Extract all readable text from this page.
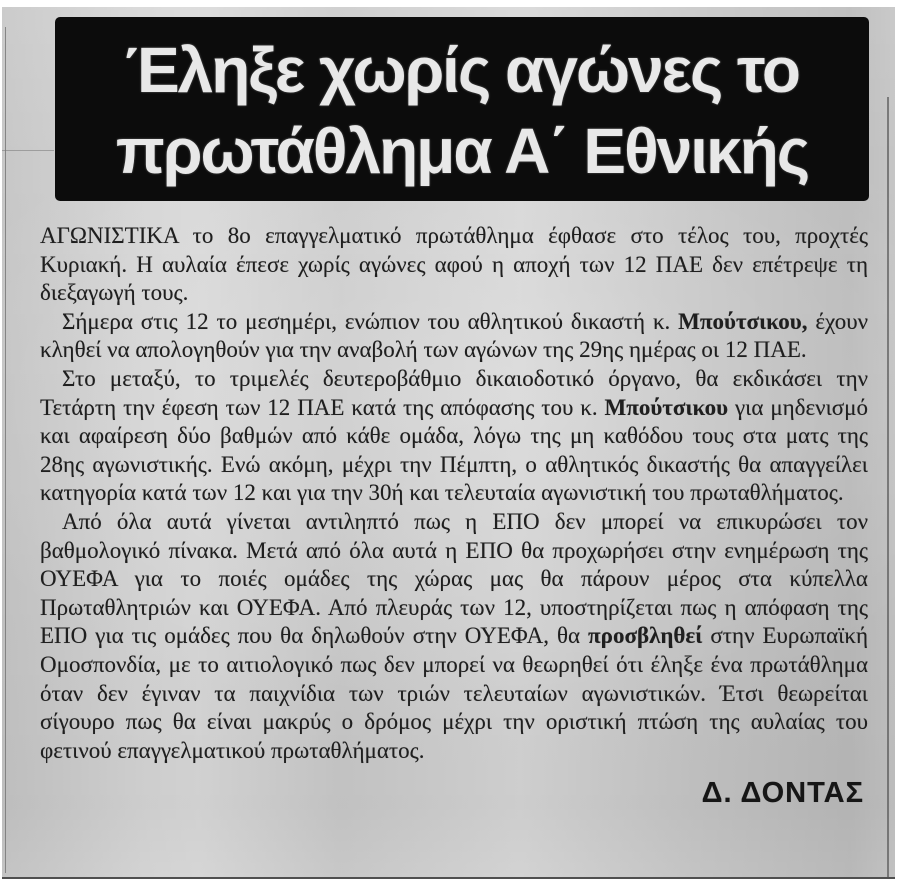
Έληξε χωρίς αγώνες το
πρωτάθλημα Α΄ Εθνικής

ΑΓΩΝΙΣΤΙΚΑ το 8ο επαγγελματικό πρωτάθλημα έφθασε στο τέλος του, προχτές Κυριακή. Η αυλαία έπεσε χωρίς αγώνες αφού η αποχή των 12 ΠΑΕ δεν επέτρεψε τη διεξαγωγή τους.

Σήμερα στις 12 το μεσημέρι, ενώπιον του αθλητικού δικαστή κ. Μπούτσικου, έχουν κληθεί να απολογηθούν για την αναβολή των αγώνων της 29ης ημέρας οι 12 ΠΑΕ.

Στο μεταξύ, το τριμελές δευτεροβάθμιο δικαιοδοτικό όργανο, θα εκδικάσει την Τετάρτη την έφεση των 12 ΠΑΕ κατά της απόφασης του κ. Μπούτσικου για μηδενισμό και αφαίρεση δύο βαθμών από κάθε ομάδα, λόγω της μη καθόδου τους στα ματς της 28ης αγωνιστικής. Ενώ ακόμη, μέχρι την Πέμπτη, ο αθλητικός δικαστής θα απαγγείλει κατηγορία κατά των 12 και για την 30ή και τελευταία αγωνιστική του πρωταθλήματος.

Από όλα αυτά γίνεται αντιληπτό πως η ΕΠΟ δεν μπορεί να επικυρώσει τον βαθμολογικό πίνακα. Μετά από όλα αυτά η ΕΠΟ θα προχωρήσει στην ενημέρωση της ΟΥΕΦΑ για το ποιές ομάδες της χώρας μας θα πάρουν μέρος στα κύπελλα Πρωταθλητριών και ΟΥΕΦΑ. Από πλευράς των 12, υποστηρίζεται πως η απόφαση της ΕΠΟ για τις ομάδες που θα δηλωθούν στην ΟΥΕΦΑ, θα προσβληθεί στην Ευρωπαϊκή Ομοσπονδία, με το αιτιολογικό πως δεν μπορεί να θεωρηθεί ότι έληξε ένα πρωτάθλημα όταν δεν έγιναν τα παιχνίδια των τριών τελευταίων αγωνιστικών. Έτσι θεωρείται σίγουρο πως θα είναι μακρύς ο δρόμος μέχρι την οριστική πτώση της αυλαίας του φετινού επαγγελματικού πρωταθλήματος.

Δ. ΔΟΝΤΑΣ
